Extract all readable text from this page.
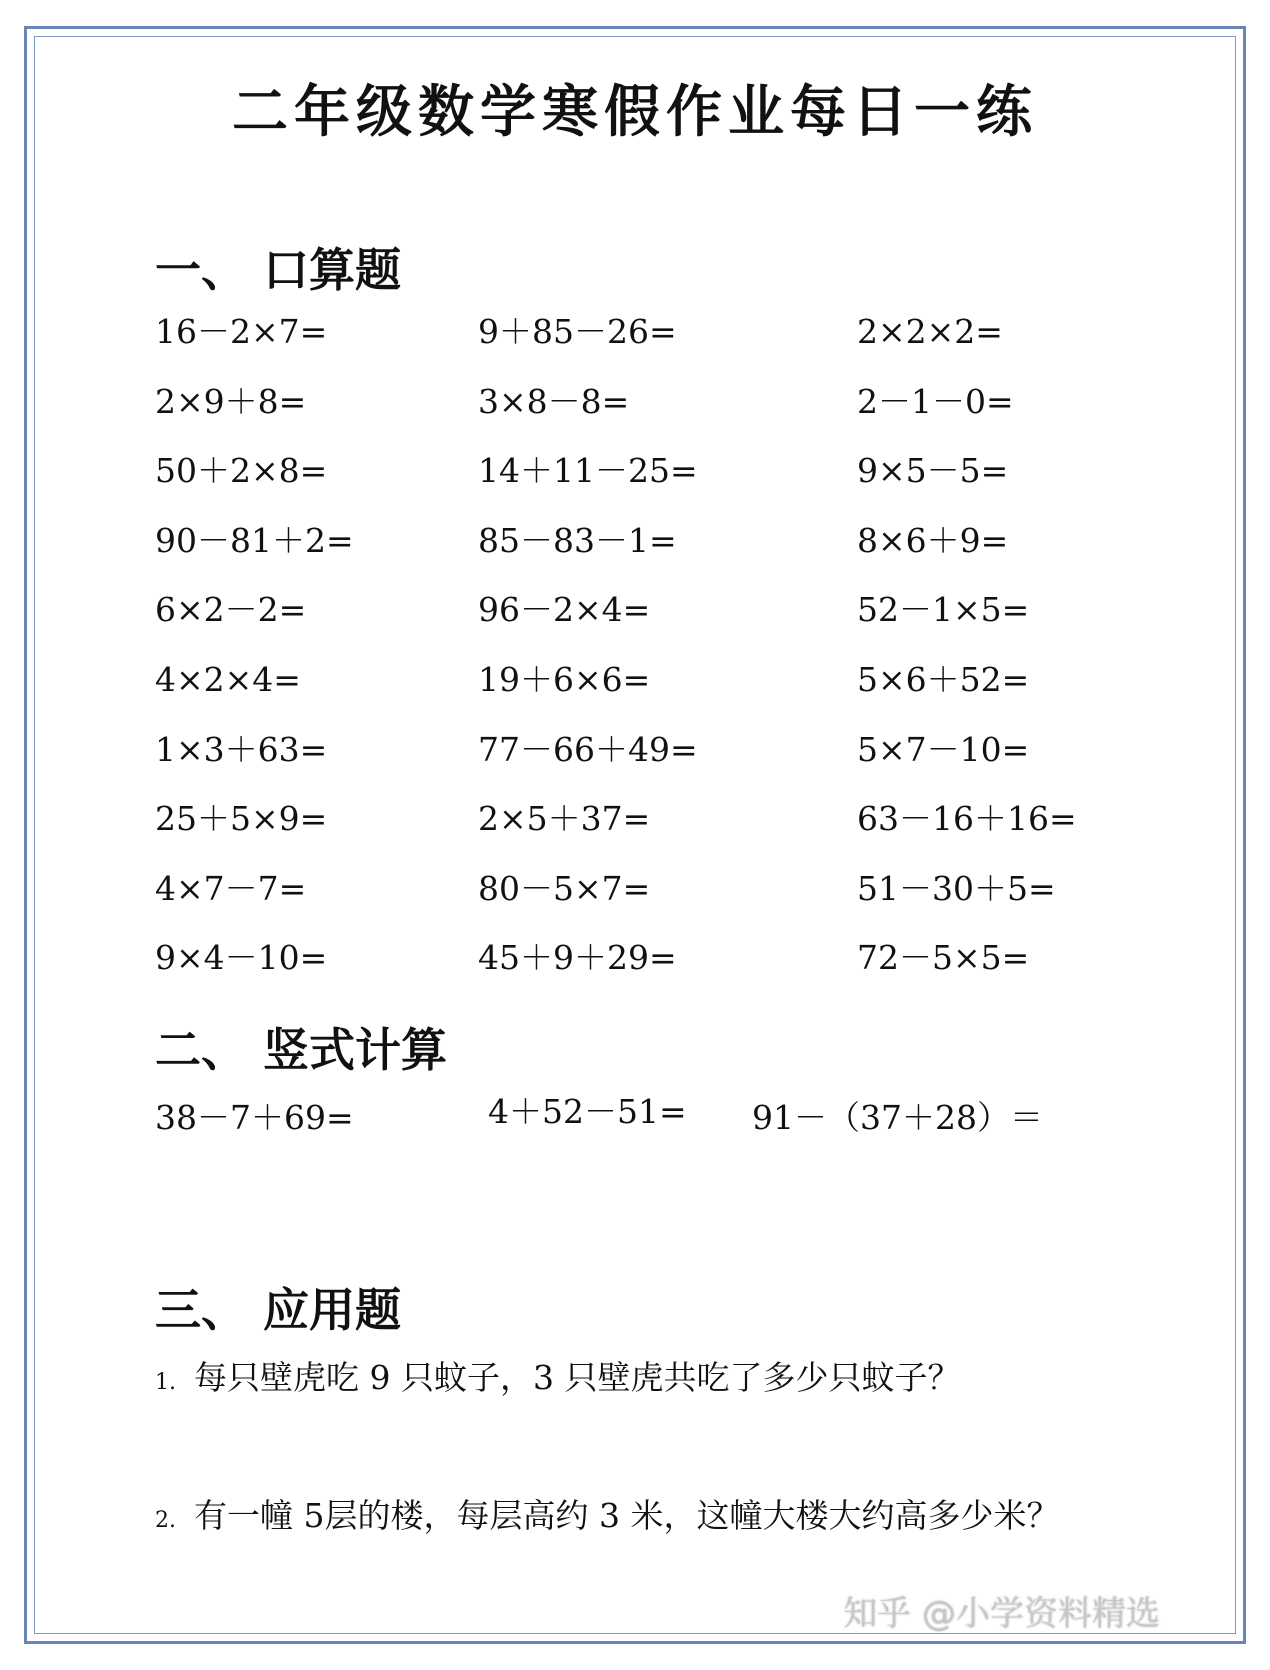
二年级数学寒假作业每日一练
一、 口算题
16－2×7=
2×9＋8=
50＋2×8=
90－81＋2=
6×2－2=
4×2×4=
1×3＋63=
25＋5×9=
4×7－7=
9×4－10=
9＋85－26=
3×8－8=
14＋11－25=
85－83－1=
96－2×4=
19＋6×6=
77－66＋49=
2×5＋37=
80－5×7=
45＋9＋29=
2×2×2=
2－1－0=
9×5－5=
8×6＋9=
52－1×5=
5×6＋52=
5×7－10=
63－16＋16=
51－30＋5=
72－5×5=
二、 竖式计算
38－7＋69=	4＋52－51= 91－（37＋28）＝
三、 应用题
1. 每只壁虎吃 9 只蚊子，3 只壁虎共吃了多少只蚊子？
2. 有一幢 5层的楼，每层高约 3 米，这幢大楼大约高多少米？
知乎 @小学资料精选
